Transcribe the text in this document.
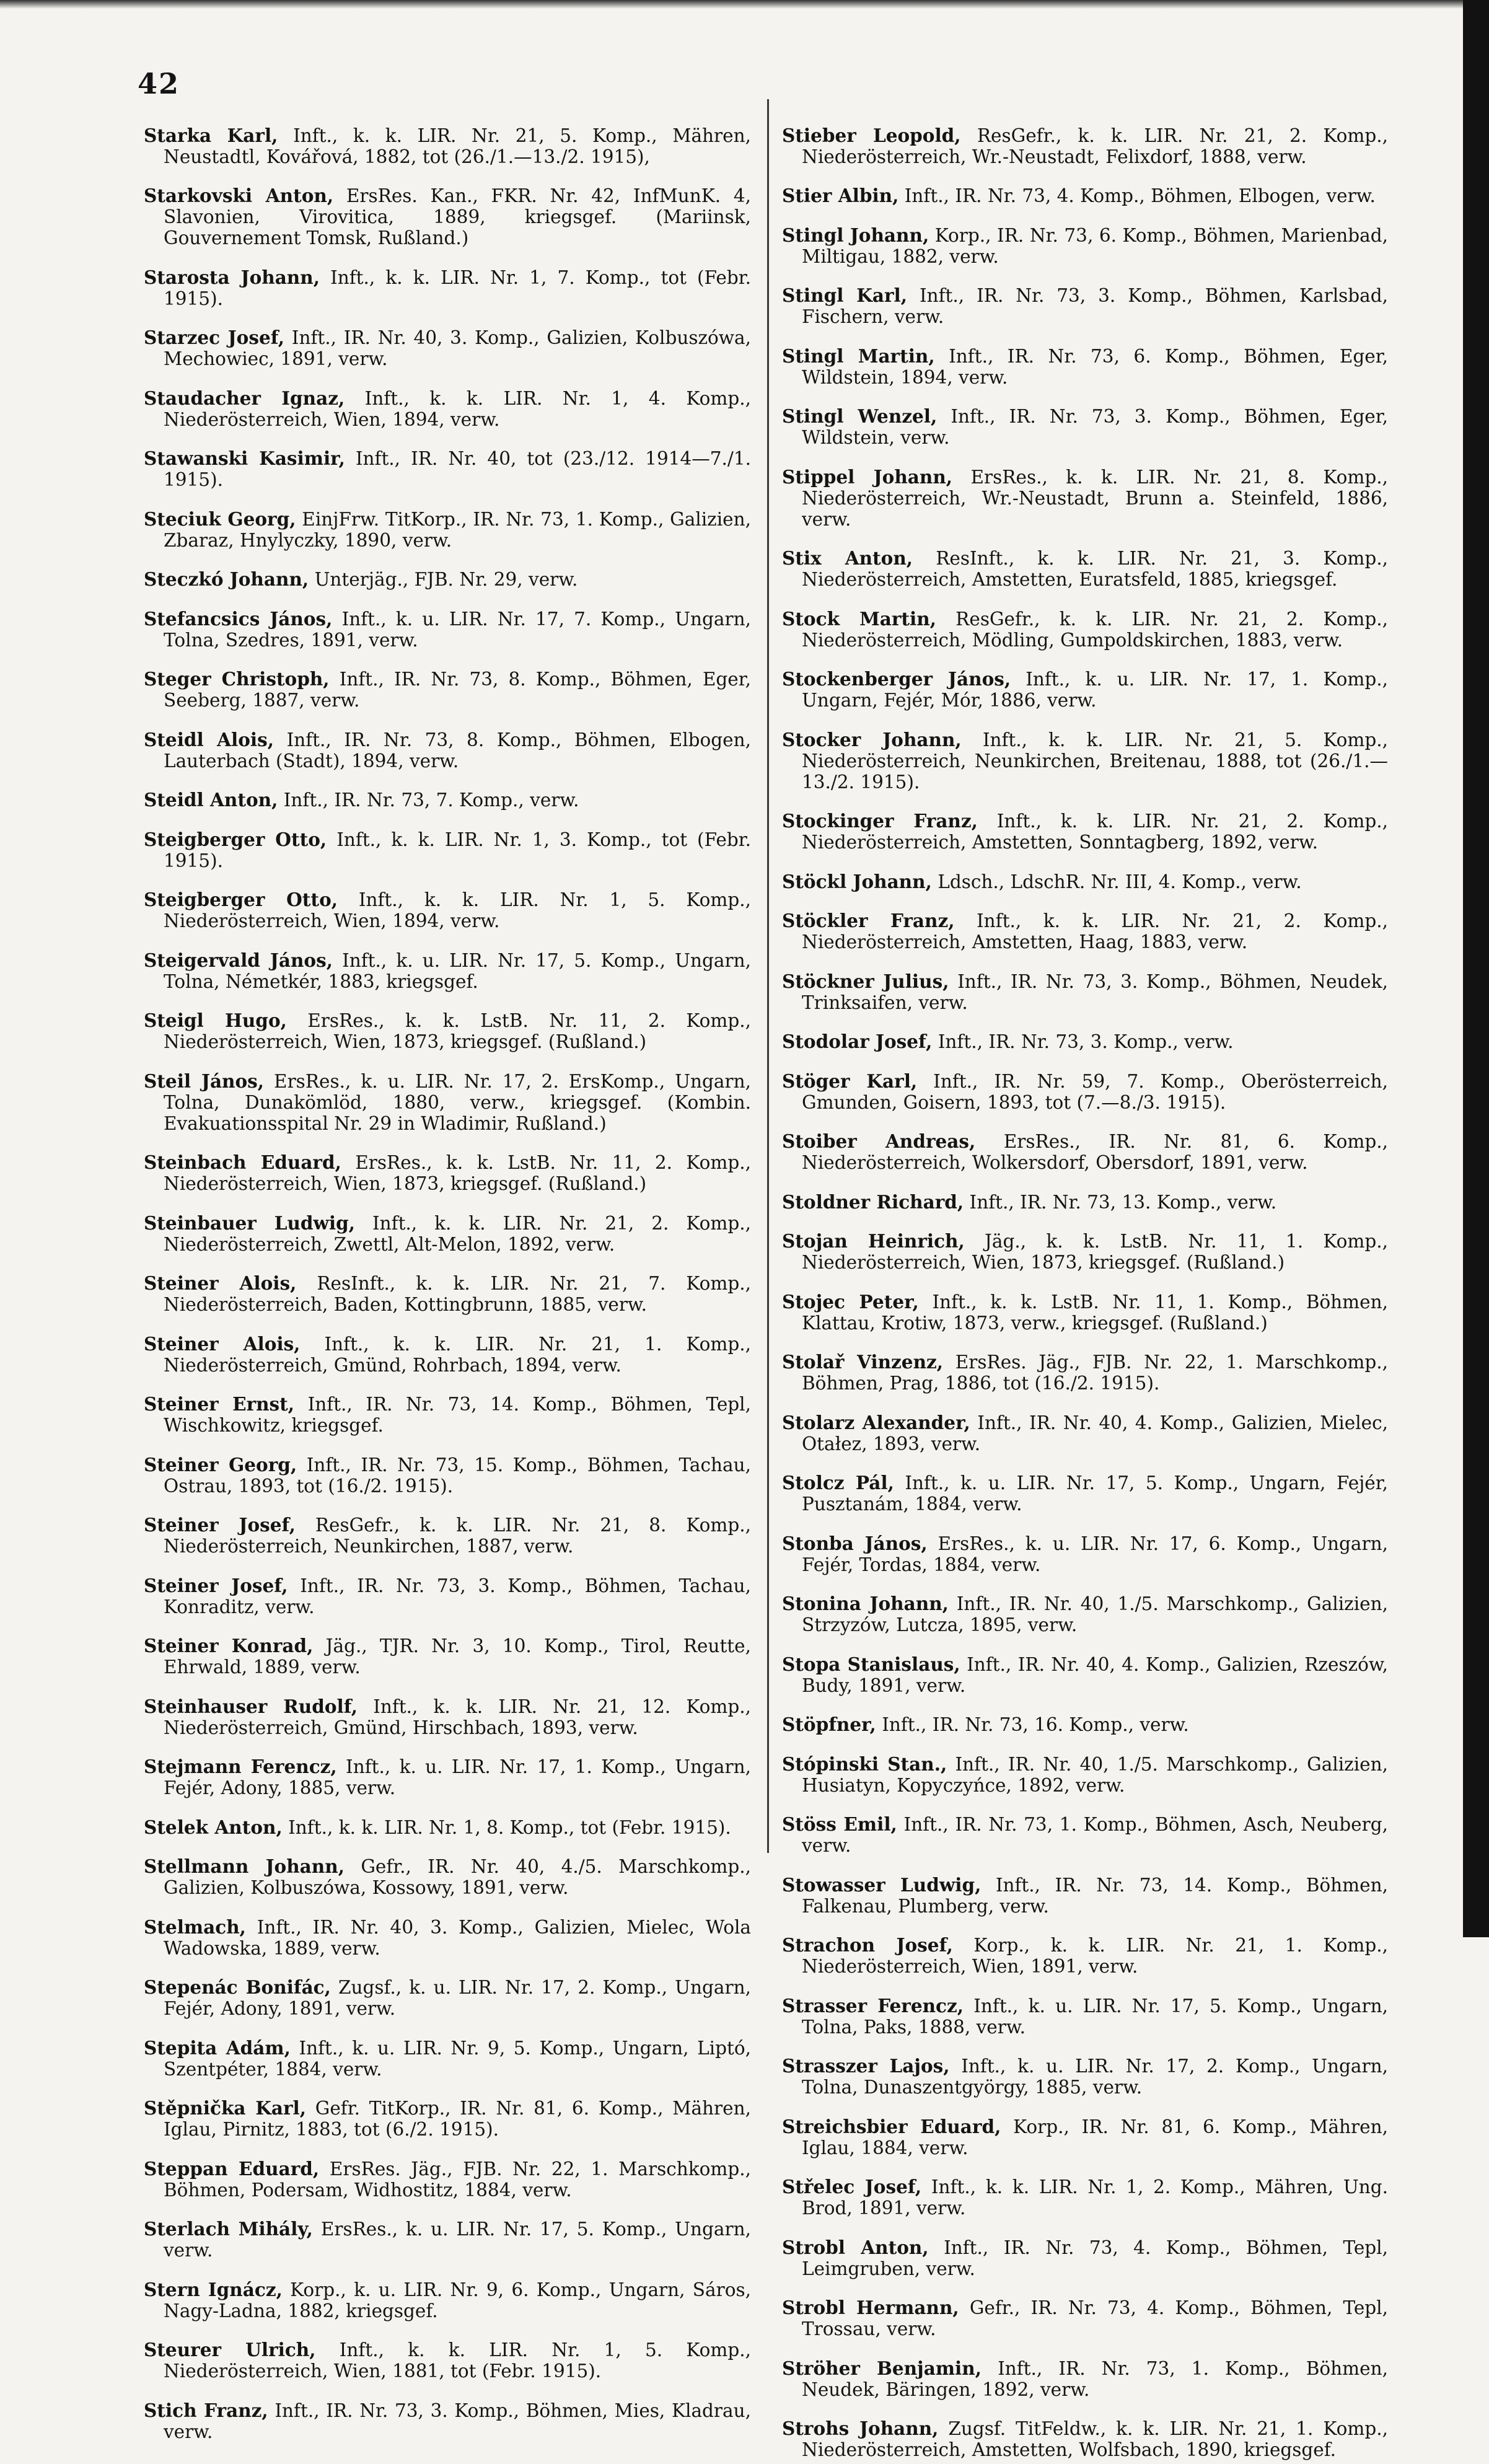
42

Starka Karl, Inft., k. k. LIR. Nr. 21, 5. Komp., Mähren, Neustadtl, Kovářová, 1882, tot (26./1.—13./2. 1915),

Starkovski Anton, ErsRes. Kan., FKR. Nr. 42, InfMunK. 4, Slavonien, Virovitica, 1889, kriegsgef. (Mariinsk, Gouvernement Tomsk, Rußland.)

Starosta Johann, Inft., k. k. LIR. Nr. 1, 7. Komp., tot (Febr. 1915).

Starzec Josef, Inft., IR. Nr. 40, 3. Komp., Galizien, Kolbuszówa, Mechowiec, 1891, verw.

Staudacher Ignaz, Inft., k. k. LIR. Nr. 1, 4. Komp., Niederösterreich, Wien, 1894, verw.

Stawanski Kasimir, Inft., IR. Nr. 40, tot (23./12. 1914—7./1. 1915).

Steciuk Georg, EinjFrw. TitKorp., IR. Nr. 73, 1. Komp., Galizien, Zbaraz, Hnylyczky, 1890, verw.

Steczkó Johann, Unterjäg., FJB. Nr. 29, verw.

Stefancsics János, Inft., k. u. LIR. Nr. 17, 7. Komp., Ungarn, Tolna, Szedres, 1891, verw.

Steger Christoph, Inft., IR. Nr. 73, 8. Komp., Böhmen, Eger, Seeberg, 1887, verw.

Steidl Alois, Inft., IR. Nr. 73, 8. Komp., Böhmen, Elbogen, Lauterbach (Stadt), 1894, verw.

Steidl Anton, Inft., IR. Nr. 73, 7. Komp., verw.

Steigberger Otto, Inft., k. k. LIR. Nr. 1, 3. Komp., tot (Febr. 1915).

Steigberger Otto, Inft., k. k. LIR. Nr. 1, 5. Komp., Niederösterreich, Wien, 1894, verw.

Steigervald János, Inft., k. u. LIR. Nr. 17, 5. Komp., Ungarn, Tolna, Németkér, 1883, kriegsgef.

Steigl Hugo, ErsRes., k. k. LstB. Nr. 11, 2. Komp., Niederösterreich, Wien, 1873, kriegsgef. (Rußland.)

Steil János, ErsRes., k. u. LIR. Nr. 17, 2. ErsKomp., Ungarn, Tolna, Dunakömlöd, 1880, verw., kriegsgef. (Kombin. Evakuationsspital Nr. 29 in Wladimir, Rußland.)

Steinbach Eduard, ErsRes., k. k. LstB. Nr. 11, 2. Komp., Niederösterreich, Wien, 1873, kriegsgef. (Rußland.)

Steinbauer Ludwig, Inft., k. k. LIR. Nr. 21, 2. Komp., Niederösterreich, Zwettl, Alt-Melon, 1892, verw.

Steiner Alois, ResInft., k. k. LIR. Nr. 21, 7. Komp., Niederösterreich, Baden, Kottingbrunn, 1885, verw.

Steiner Alois, Inft., k. k. LIR. Nr. 21, 1. Komp., Niederösterreich, Gmünd, Rohrbach, 1894, verw.

Steiner Ernst, Inft., IR. Nr. 73, 14. Komp., Böhmen, Tepl, Wischkowitz, kriegsgef.

Steiner Georg, Inft., IR. Nr. 73, 15. Komp., Böhmen, Tachau, Ostrau, 1893, tot (16./2. 1915).

Steiner Josef, ResGefr., k. k. LIR. Nr. 21, 8. Komp., Niederösterreich, Neunkirchen, 1887, verw.

Steiner Josef, Inft., IR. Nr. 73, 3. Komp., Böhmen, Tachau, Konraditz, verw.

Steiner Konrad, Jäg., TJR. Nr. 3, 10. Komp., Tirol, Reutte, Ehrwald, 1889, verw.

Steinhauser Rudolf, Inft., k. k. LIR. Nr. 21, 12. Komp., Niederösterreich, Gmünd, Hirschbach, 1893, verw.

Stejmann Ferencz, Inft., k. u. LIR. Nr. 17, 1. Komp., Ungarn, Fejér, Adony, 1885, verw.

Stelek Anton, Inft., k. k. LIR. Nr. 1, 8. Komp., tot (Febr. 1915).

Stellmann Johann, Gefr., IR. Nr. 40, 4./5. Marschkomp., Galizien, Kolbuszówa, Kossowy, 1891, verw.

Stelmach, Inft., IR. Nr. 40, 3. Komp., Galizien, Mielec, Wola Wadowska, 1889, verw.

Stepenác Bonifác, Zugsf., k. u. LIR. Nr. 17, 2. Komp., Ungarn, Fejér, Adony, 1891, verw.

Stepita Adám, Inft., k. u. LIR. Nr. 9, 5. Komp., Ungarn, Liptó, Szentpéter, 1884, verw.

Stěpnička Karl, Gefr. TitKorp., IR. Nr. 81, 6. Komp., Mähren, Iglau, Pirnitz, 1883, tot (6./2. 1915).

Steppan Eduard, ErsRes. Jäg., FJB. Nr. 22, 1. Marschkomp., Böhmen, Podersam, Widhostitz, 1884, verw.

Sterlach Mihály, ErsRes., k. u. LIR. Nr. 17, 5. Komp., Ungarn, verw.

Stern Ignácz, Korp., k. u. LIR. Nr. 9, 6. Komp., Ungarn, Sáros, Nagy-Ladna, 1882, kriegsgef.

Steurer Ulrich, Inft., k. k. LIR. Nr. 1, 5. Komp., Niederösterreich, Wien, 1881, tot (Febr. 1915).

Stich Franz, Inft., IR. Nr. 73, 3. Komp., Böhmen, Mies, Kladrau, verw.

Stieber Leopold, ResGefr., k. k. LIR. Nr. 21, 2. Komp., Niederösterreich, Wr.-Neustadt, Felixdorf, 1888, verw.

Stier Albin, Inft., IR. Nr. 73, 4. Komp., Böhmen, Elbogen, verw.

Stingl Johann, Korp., IR. Nr. 73, 6. Komp., Böhmen, Marienbad, Miltigau, 1882, verw.

Stingl Karl, Inft., IR. Nr. 73, 3. Komp., Böhmen, Karlsbad, Fischern, verw.

Stingl Martin, Inft., IR. Nr. 73, 6. Komp., Böhmen, Eger, Wildstein, 1894, verw.

Stingl Wenzel, Inft., IR. Nr. 73, 3. Komp., Böhmen, Eger, Wildstein, verw.

Stippel Johann, ErsRes., k. k. LIR. Nr. 21, 8. Komp., Niederösterreich, Wr.-Neustadt, Brunn a. Steinfeld, 1886, verw.

Stix Anton, ResInft., k. k. LIR. Nr. 21, 3. Komp., Niederösterreich, Amstetten, Euratsfeld, 1885, kriegsgef.

Stock Martin, ResGefr., k. k. LIR. Nr. 21, 2. Komp., Niederösterreich, Mödling, Gumpoldskirchen, 1883, verw.

Stockenberger János, Inft., k. u. LIR. Nr. 17, 1. Komp., Ungarn, Fejér, Mór, 1886, verw.

Stocker Johann, Inft., k. k. LIR. Nr. 21, 5. Komp., Niederösterreich, Neunkirchen, Breitenau, 1888, tot (26./1.—13./2. 1915).

Stockinger Franz, Inft., k. k. LIR. Nr. 21, 2. Komp., Niederösterreich, Amstetten, Sonntagberg, 1892, verw.

Stöckl Johann, Ldsch., LdschR. Nr. III, 4. Komp., verw.

Stöckler Franz, Inft., k. k. LIR. Nr. 21, 2. Komp., Niederösterreich, Amstetten, Haag, 1883, verw.

Stöckner Julius, Inft., IR. Nr. 73, 3. Komp., Böhmen, Neudek, Trinksaifen, verw.

Stodolar Josef, Inft., IR. Nr. 73, 3. Komp., verw.

Stöger Karl, Inft., IR. Nr. 59, 7. Komp., Oberösterreich, Gmunden, Goisern, 1893, tot (7.—8./3. 1915).

Stoiber Andreas, ErsRes., IR. Nr. 81, 6. Komp., Niederösterreich, Wolkersdorf, Obersdorf, 1891, verw.

Stoldner Richard, Inft., IR. Nr. 73, 13. Komp., verw.

Stojan Heinrich, Jäg., k. k. LstB. Nr. 11, 1. Komp., Niederösterreich, Wien, 1873, kriegsgef. (Rußland.)

Stojec Peter, Inft., k. k. LstB. Nr. 11, 1. Komp., Böhmen, Klattau, Krotiw, 1873, verw., kriegsgef. (Rußland.)

Stolař Vinzenz, ErsRes. Jäg., FJB. Nr. 22, 1. Marschkomp., Böhmen, Prag, 1886, tot (16./2. 1915).

Stolarz Alexander, Inft., IR. Nr. 40, 4. Komp., Galizien, Mielec, Otałez, 1893, verw.

Stolcz Pál, Inft., k. u. LIR. Nr. 17, 5. Komp., Ungarn, Fejér, Pusztanám, 1884, verw.

Stonba János, ErsRes., k. u. LIR. Nr. 17, 6. Komp., Ungarn, Fejér, Tordas, 1884, verw.

Stonina Johann, Inft., IR. Nr. 40, 1./5. Marschkomp., Galizien, Strzyzów, Lutcza, 1895, verw.

Stopa Stanislaus, Inft., IR. Nr. 40, 4. Komp., Galizien, Rzeszów, Budy, 1891, verw.

Stöpfner, Inft., IR. Nr. 73, 16. Komp., verw.

Stópinski Stan., Inft., IR. Nr. 40, 1./5. Marschkomp., Galizien, Husiatyn, Kopyczyńce, 1892, verw.

Stöss Emil, Inft., IR. Nr. 73, 1. Komp., Böhmen, Asch, Neuberg, verw.

Stowasser Ludwig, Inft., IR. Nr. 73, 14. Komp., Böhmen, Falkenau, Plumberg, verw.

Strachon Josef, Korp., k. k. LIR. Nr. 21, 1. Komp., Niederösterreich, Wien, 1891, verw.

Strasser Ferencz, Inft., k. u. LIR. Nr. 17, 5. Komp., Ungarn, Tolna, Paks, 1888, verw.

Strasszer Lajos, Inft., k. u. LIR. Nr. 17, 2. Komp., Ungarn, Tolna, Dunaszentgyörgy, 1885, verw.

Streichsbier Eduard, Korp., IR. Nr. 81, 6. Komp., Mähren, Iglau, 1884, verw.

Střelec Josef, Inft., k. k. LIR. Nr. 1, 2. Komp., Mähren, Ung. Brod, 1891, verw.

Strobl Anton, Inft., IR. Nr. 73, 4. Komp., Böhmen, Tepl, Leimgruben, verw.

Strobl Hermann, Gefr., IR. Nr. 73, 4. Komp., Böhmen, Tepl, Trossau, verw.

Ströher Benjamin, Inft., IR. Nr. 73, 1. Komp., Böhmen, Neudek, Bäringen, 1892, verw.

Strohs Johann, Zugsf. TitFeldw., k. k. LIR. Nr. 21, 1. Komp., Niederösterreich, Amstetten, Wolfsbach, 1890, kriegsgef.
